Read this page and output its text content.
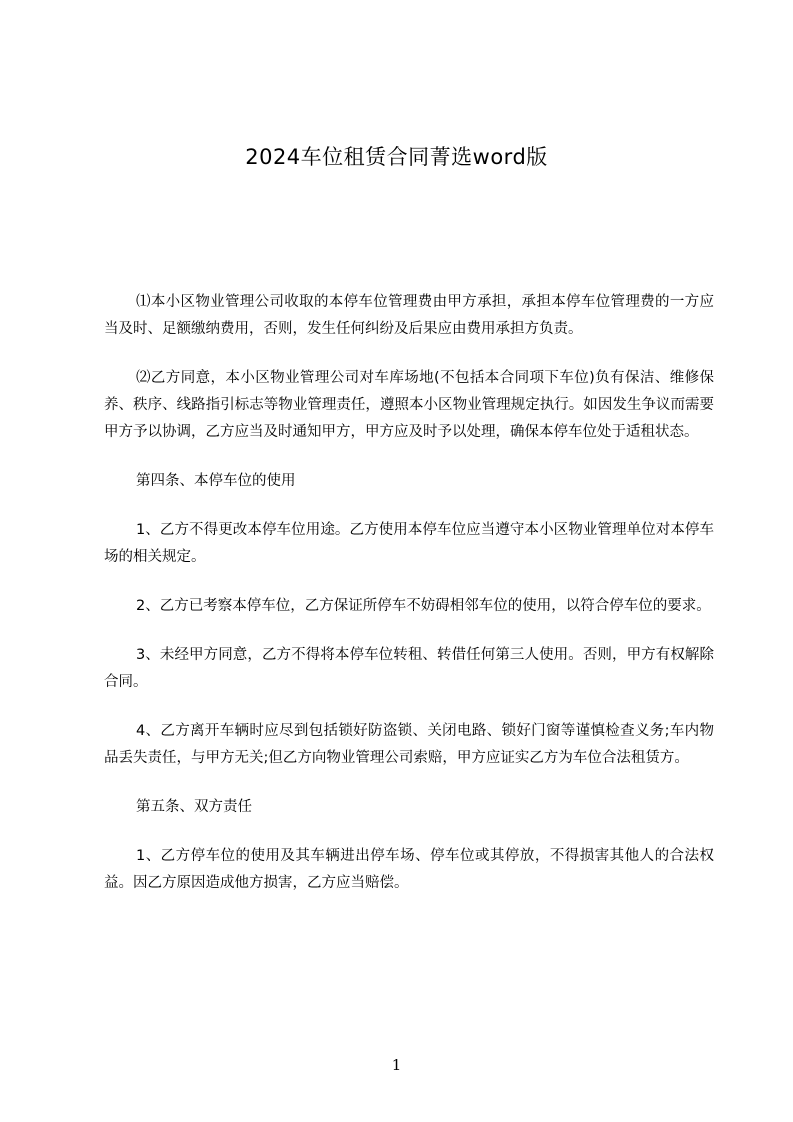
2024车位租赁合同菁选word版

⑴本小区物业管理公司收取的本停车位管理费由甲方承担，承担本停车位管理费的一方应当及时、足额缴纳费用，否则，发生任何纠纷及后果应由费用承担方负责。

⑵乙方同意，本小区物业管理公司对车库场地(不包括本合同项下车位)负有保洁、维修保养、秩序、线路指引标志等物业管理责任，遵照本小区物业管理规定执行。如因发生争议而需要甲方予以协调，乙方应当及时通知甲方，甲方应及时予以处理，确保本停车位处于适租状态。

第四条、本停车位的使用

1、乙方不得更改本停车位用途。乙方使用本停车位应当遵守本小区物业管理单位对本停车场的相关规定。

2、乙方已考察本停车位，乙方保证所停车不妨碍相邻车位的使用，以符合停车位的要求。

3、未经甲方同意，乙方不得将本停车位转租、转借任何第三人使用。否则，甲方有权解除合同。

4、乙方离开车辆时应尽到包括锁好防盗锁、关闭电路、锁好门窗等谨慎检查义务;车内物品丢失责任，与甲方无关;但乙方向物业管理公司索赔，甲方应证实乙方为车位合法租赁方。

第五条、双方责任

1、乙方停车位的使用及其车辆进出停车场、停车位或其停放，不得损害其他人的合法权益。因乙方原因造成他方损害，乙方应当赔偿。

1
